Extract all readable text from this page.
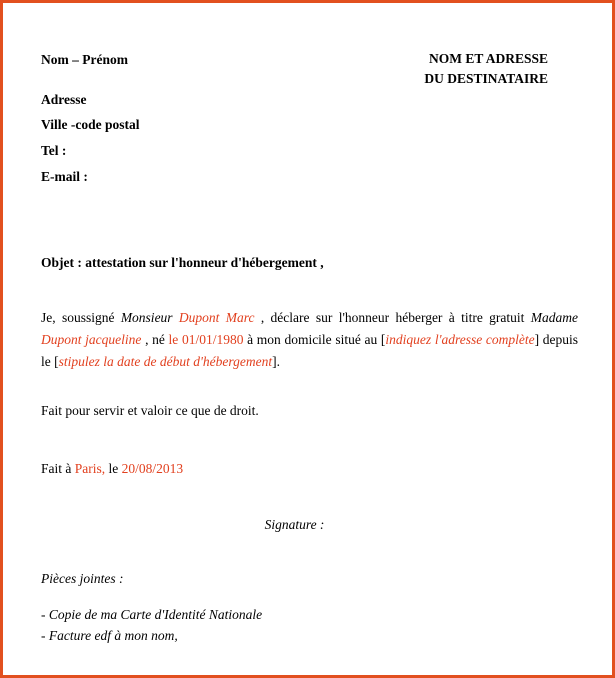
Nom – Prénom
Adresse
Ville -code postal
Tel :
E-mail :
NOM ET ADRESSE
DU DESTINATAIRE
Objet : attestation sur l'honneur d'hébergement ,
Je, soussigné Monsieur Dupont Marc , déclare sur l'honneur héberger à titre gratuit Madame Dupont jacqueline , né le 01/01/1980 à mon domicile situé au [indiquez l'adresse complète] depuis le [stipulez la date de début d'hébergement].
Fait pour servir et valoir ce que de droit.
Fait à Paris, le 20/08/2013
Signature :
Pièces jointes :
- Copie de ma Carte d'Identité Nationale
- Facture edf à mon nom,
